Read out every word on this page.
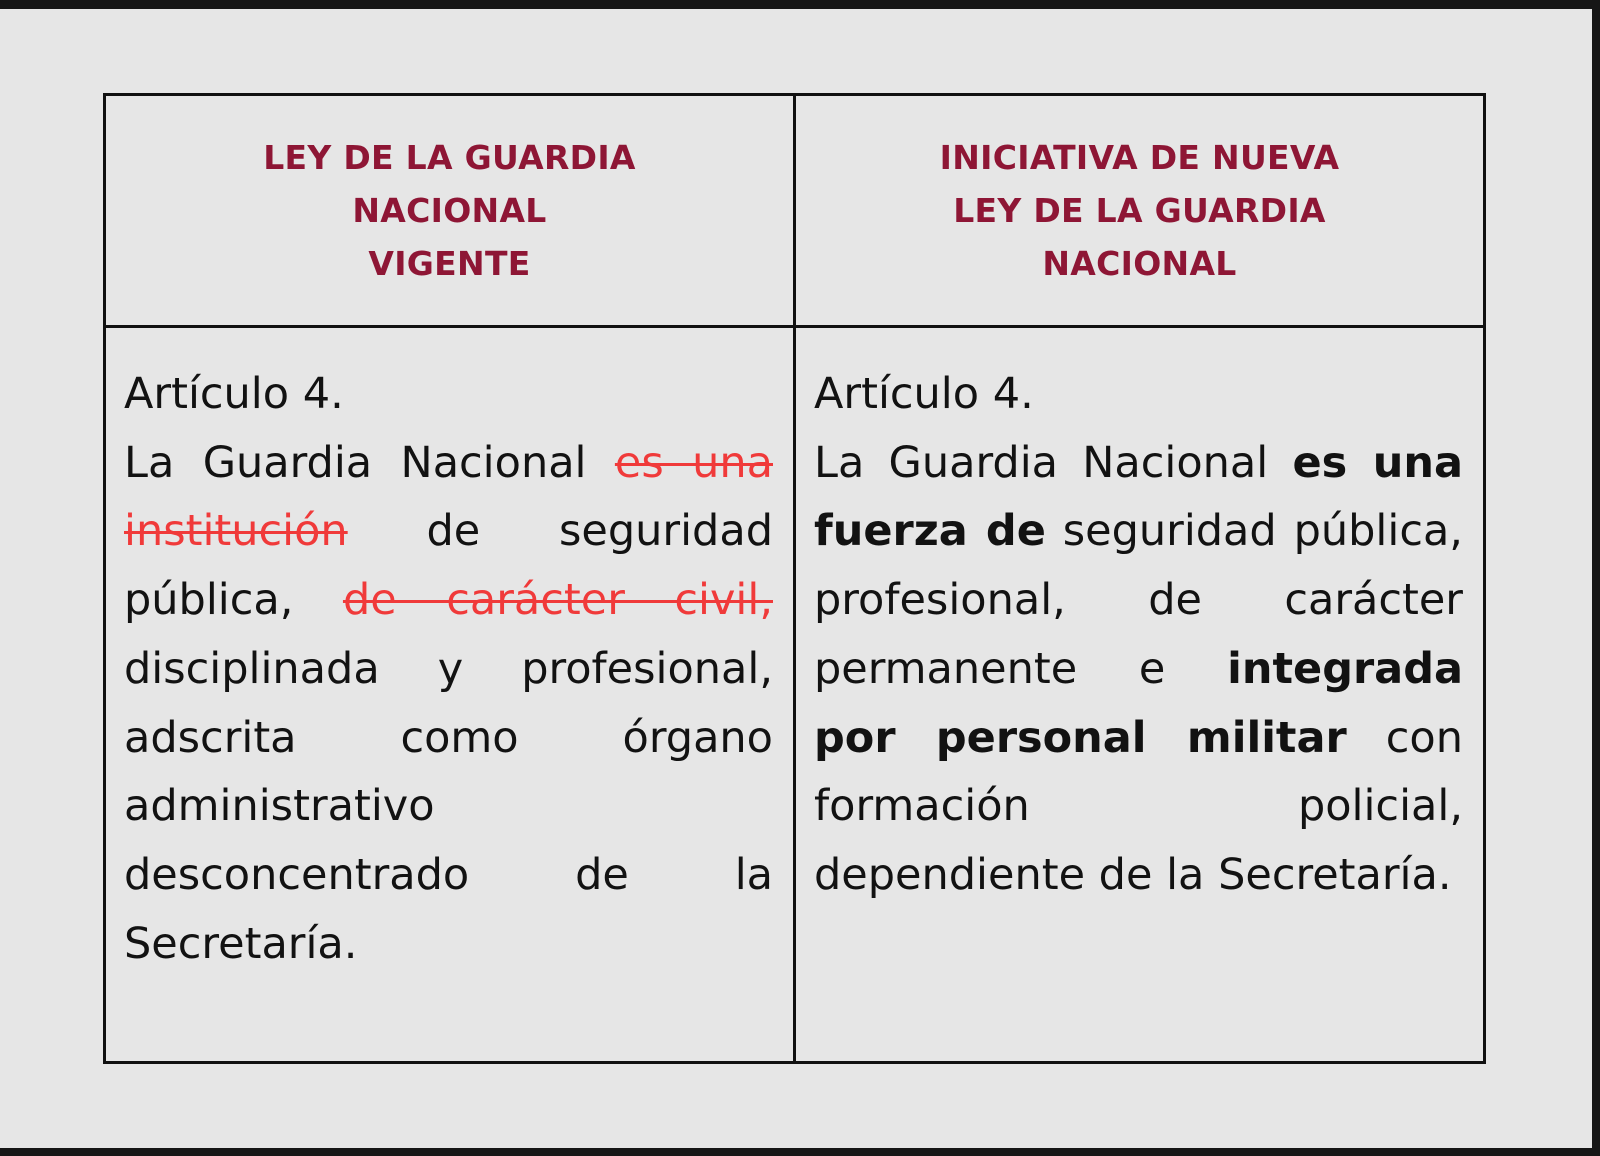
LEY DE LA GUARDIA
NACIONAL
VIGENTE
INICIATIVA DE NUEVA
LEY DE LA GUARDIA
NACIONAL
Artículo 4.
La Guardia Nacional es una institución de seguridad pública, de carácter civil, disciplinada y profesional, adscrita como órgano administrativo desconcentrado de la Secretaría.
Artículo 4.
La Guardia Nacional es una fuerza de seguridad pública, profesional, de carácter permanente e integrada por personal militar con formación policial, dependiente de la Secretaría.
